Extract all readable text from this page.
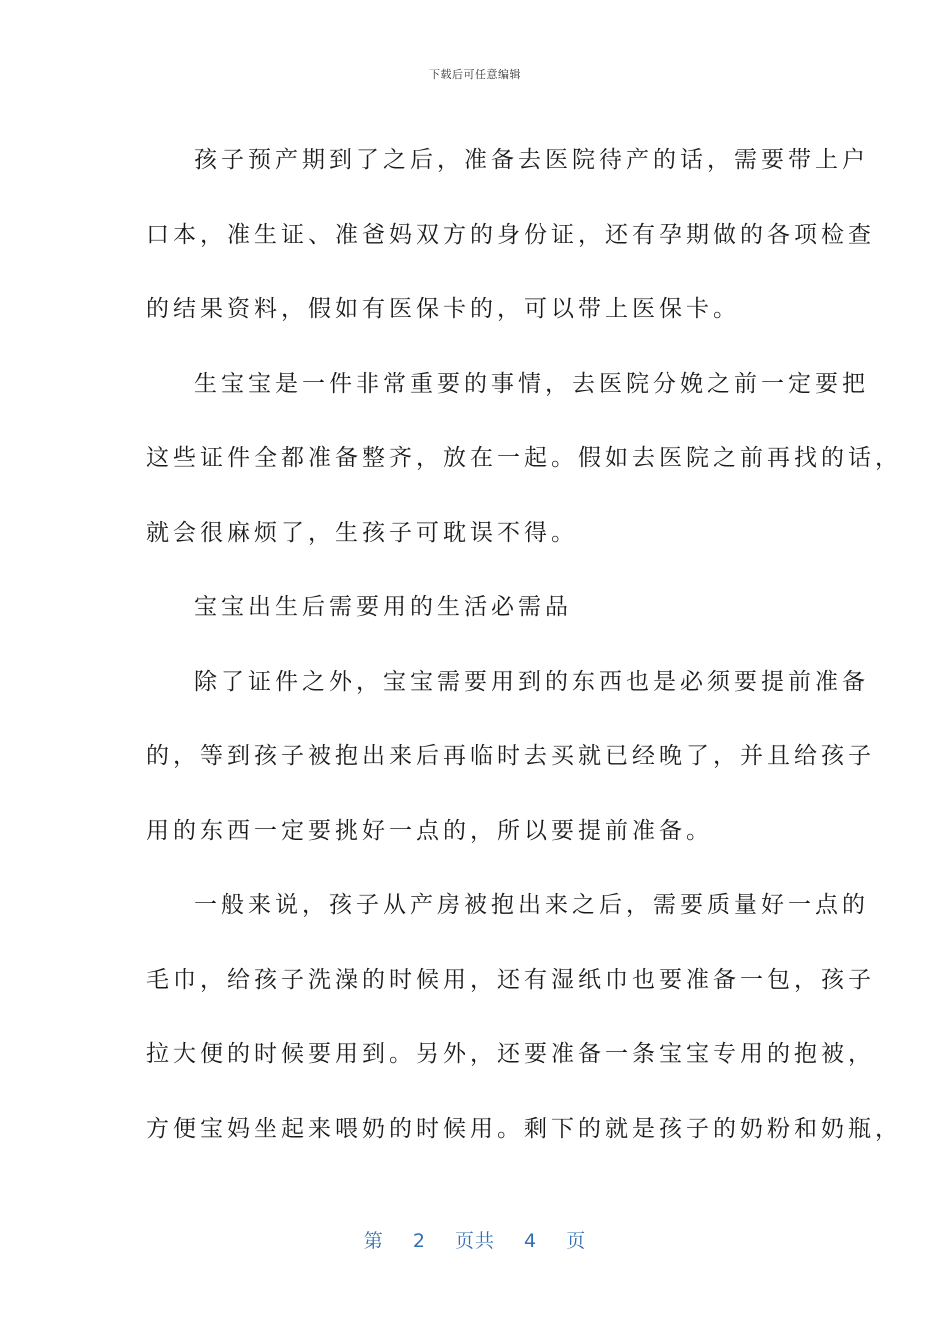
下载后可任意编辑

孩子预产期到了之后，准备去医院待产的话，需要带上户
口本，准生证、准爸妈双方的身份证，还有孕期做的各项检查
的结果资料，假如有医保卡的，可以带上医保卡。

生宝宝是一件非常重要的事情，去医院分娩之前一定要把
这些证件全都准备整齐，放在一起。假如去医院之前再找的话，
就会很麻烦了，生孩子可耽误不得。

宝宝出生后需要用的生活必需品

除了证件之外，宝宝需要用到的东西也是必须要提前准备
的，等到孩子被抱出来后再临时去买就已经晚了，并且给孩子
用的东西一定要挑好一点的，所以要提前准备。

一般来说，孩子从产房被抱出来之后，需要质量好一点的
毛巾，给孩子洗澡的时候用，还有湿纸巾也要准备一包，孩子
拉大便的时候要用到。另外，还要准备一条宝宝专用的抱被，
方便宝妈坐起来喂奶的时候用。剩下的就是孩子的奶粉和奶瓶，

第 2 页共 4 页
